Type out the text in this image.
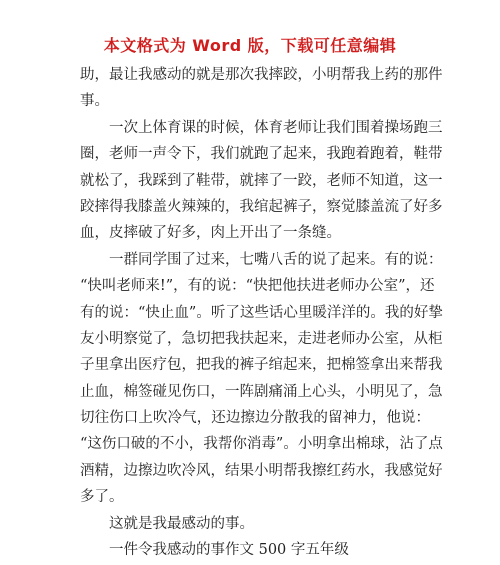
本文格式为 Word 版，下载可任意编辑
助，最让我感动的就是那次我摔跤，小明帮我上药的那件
事。
一次上体育课的时候，体育老师让我们围着操场跑三
圈，老师一声令下，我们就跑了起来，我跑着跑着，鞋带
就松了，我踩到了鞋带，就摔了一跤，老师不知道，这一
跤摔得我膝盖火辣辣的，我绾起裤子，察觉膝盖流了好多
血，皮摔破了好多，肉上开出了一条缝。
一群同学围了过来，七嘴八舌的说了起来。有的说：
“快叫老师来!”，有的说：“快把他扶进老师办公室”，还
有的说：“快止血”。听了这些话心里暖洋洋的。我的好挚
友小明察觉了，急切把我扶起来，走进老师办公室，从柜
子里拿出医疗包，把我的裤子绾起来，把棉签拿出来帮我
止血，棉签碰见伤口，一阵剧痛涌上心头，小明见了，急
切往伤口上吹冷气，还边擦边分散我的留神力，他说：
“这伤口破的不小，我帮你消毒”。小明拿出棉球，沾了点
酒精，边擦边吹冷风，结果小明帮我擦红药水，我感觉好
多了。
这就是我最感动的事。
一件令我感动的事作文 500 字五年级
